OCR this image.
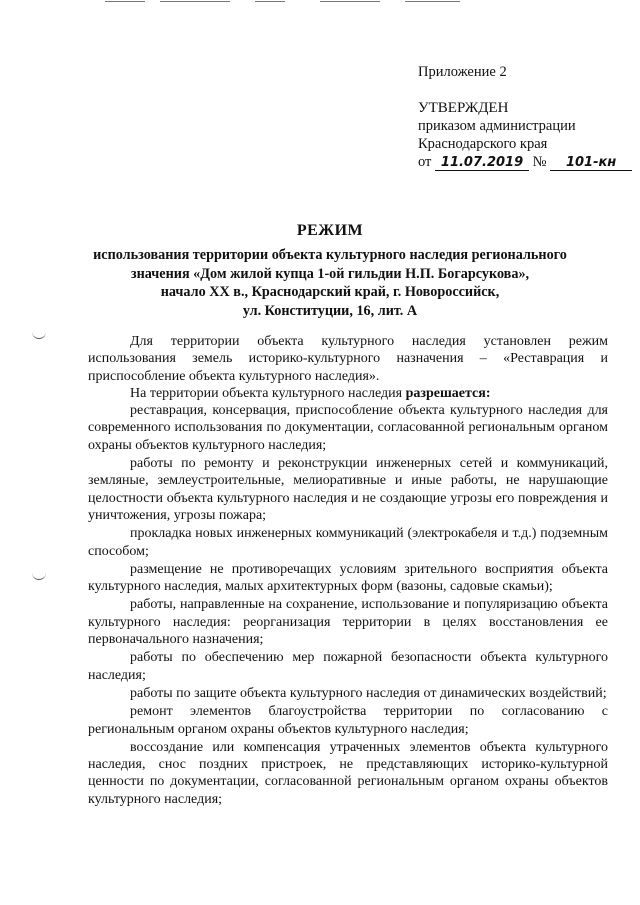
Приложение 2
УТВЕРЖДЕН
приказом администрации
Краснодарского края
от 11.07.2019 № 101-кн
РЕЖИМ
использования территории объекта культурного наследия регионального
значения «Дом жилой купца 1-ой гильдии Н.П. Богарсукова»,
начало XX в., Краснодарский край, г. Новороссийск,
ул. Конституции, 16, лит. А

Для территории объекта культурного наследия установлен режим использования земель историко-культурного назначения – «Реставрация и приспособление объекта культурного наследия».

На территории объекта культурного наследия разрешается:

реставрация, консервация, приспособление объекта культурного наследия для современного использования по документации, согласованной региональным органом охраны объектов культурного наследия;

работы по ремонту и реконструкции инженерных сетей и коммуникаций, земляные, землеустроительные, мелиоративные и иные работы, не нарушающие целостности объекта культурного наследия и не создающие угрозы его повреждения и уничтожения, угрозы пожара;

прокладка новых инженерных коммуникаций (электрокабеля и т.д.) подземным способом;

размещение не противоречащих условиям зрительного восприятия объекта культурного наследия, малых архитектурных форм (вазоны, садовые скамьи);

работы, направленные на сохранение, использование и популяризацию объекта культурного наследия: реорганизация территории в целях восстановления ее первоначального назначения;

работы по обеспечению мер пожарной безопасности объекта культурного наследия;

работы по защите объекта культурного наследия от динамических воздействий;

ремонт элементов благоустройства территории по согласованию с региональным органом охраны объектов культурного наследия;

воссоздание или компенсация утраченных элементов объекта культурного наследия, снос поздних пристроек, не представляющих историко-культурной ценности по документации, согласованной региональным органом охраны объектов культурного наследия;
